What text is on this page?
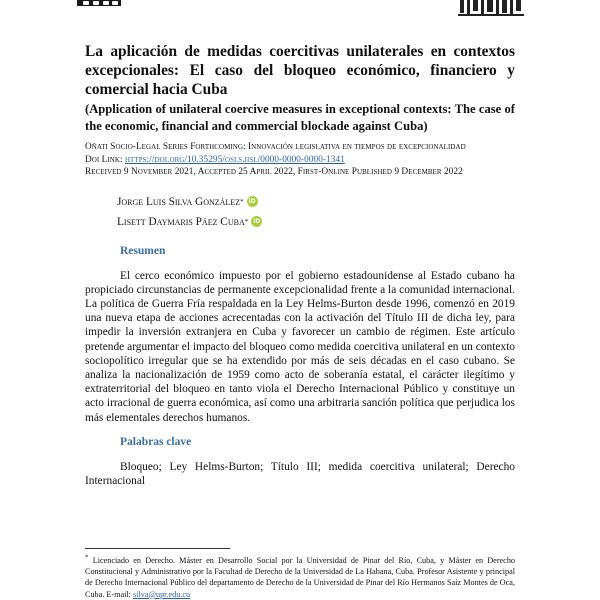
La aplicación de medidas coercitivas unilaterales en contextos excepcionales: El caso del bloqueo económico, financiero y comercial hacia Cuba
(Application of unilateral coercive measures in exceptional contexts: The case of the economic, financial and commercial blockade against Cuba)
Oñati Socio-Legal Series Forthcoming: Innovación legislativa en tiempos de excepcionalidad
Doi Link: https://doi.org/10.35295/osls.iisl/0000-0000-0000-1341
Received 9 November 2021, Accepted 25 April 2022, First-Online Published 9 December 2022
Jorge Luis Silva González * iD
Lisett Daymaris Páez Cuba * iD
Resumen

El cerco económico impuesto por el gobierno estadounidense al Estado cubano ha propiciado circunstancias de permanente excepcionalidad frente a la comunidad internacional. La política de Guerra Fría respaldada en la Ley Helms-Burton desde 1996, comenzó en 2019 una nueva etapa de acciones acrecentadas con la activación del Título III de dicha ley, para impedir la inversión extranjera en Cuba y favorecer un cambio de régimen. Este artículo pretende argumentar el impacto del bloqueo como medida coercitiva unilateral en un contexto sociopolítico irregular que se ha extendido por más de seis décadas en el caso cubano. Se analiza la nacionalización de 1959 como acto de soberanía estatal, el carácter ilegítimo y extraterritorial del bloqueo en tanto viola el Derecho Internacional Público y constituye un acto irracional de guerra económica, así como una arbitraria sanción política que perjudica los más elementales derechos humanos.

Palabras clave

Bloqueo; Ley Helms-Burton; Título III; medida coercitiva unilateral; Derecho Internacional

* Licenciado en Derecho. Máster en Desarrollo Social por la Universidad de Pinar del Río, Cuba, y Máster en Derecho Constitucional y Administrativo por la Facultad de Derecho de la Universidad de La Habana, Cuba. Profesor Asistente y principal de Derecho Internacional Público del departamento de Derecho de la Universidad de Pinar del Río Hermanos Saíz Montes de Oca, Cuba. E-mail: silva@upr.edu.cu
